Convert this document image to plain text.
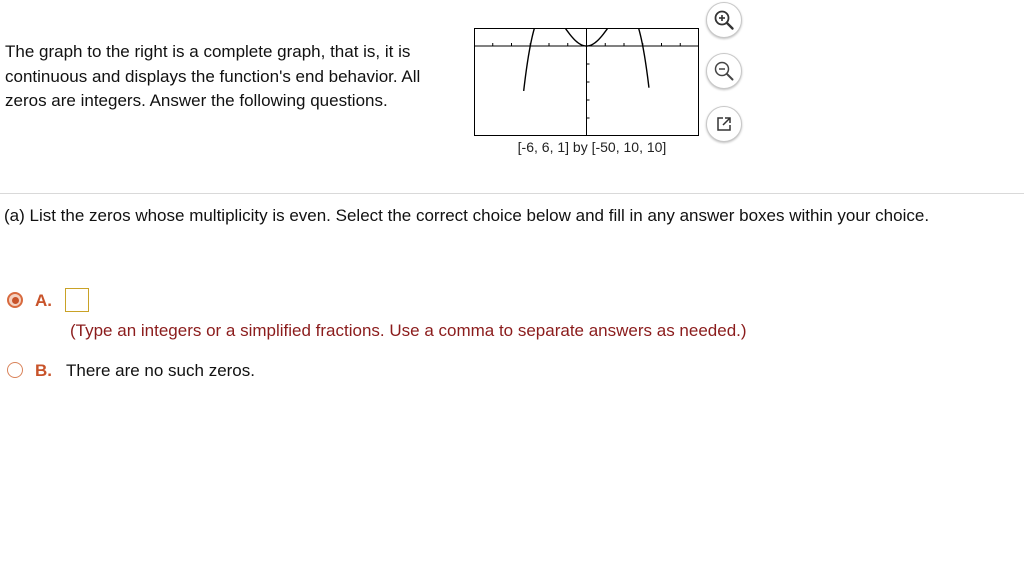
The graph to the right is a complete graph, that is, it is continuous and displays the function's end behavior. All zeros are integers. Answer the following questions.
[-6, 6, 1] by [-50, 10, 10]
(a) List the zeros whose multiplicity is even. Select the correct choice below and fill in any answer boxes within your choice.
A.
(Type an integers or a simplified fractions. Use a comma to separate answers as needed.)
B. There are no such zeros.
